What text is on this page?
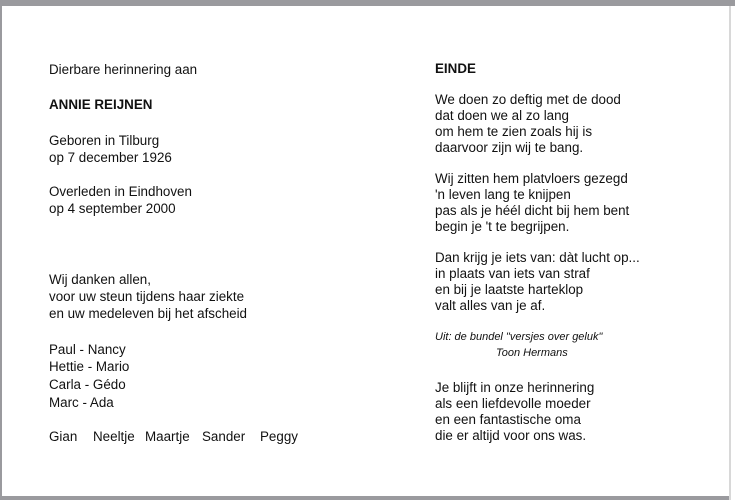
Dierbare herinnering aan

ANNIE REIJNEN

Geboren in Tilburg

op 7 december 1926

Overleden in Eindhoven

op 4 september 2000

Wij danken allen,

voor uw steun tijdens haar ziekte

en uw medeleven bij het afscheid

Paul - Nancy

Hettie - Mario

Carla - Gédo

Marc - Ada

Gian Neeltje Maartje Sander Peggy

EINDE

We doen zo deftig met de dood

dat doen we al zo lang

om hem te zien zoals hij is

daarvoor zijn wij te bang.

Wij zitten hem platvloers gezegd

'n leven lang te knijpen

pas als je héél dicht bij hem bent

begin je 't te begrijpen.

Dan krijg je iets van: dàt lucht op...

in plaats van iets van straf

en bij je laatste harteklop

valt alles van je af.

Uit: de bundel "versjes over geluk"

Toon Hermans

Je blijft in onze herinnering

als een liefdevolle moeder

en een fantastische oma

die er altijd voor ons was.
